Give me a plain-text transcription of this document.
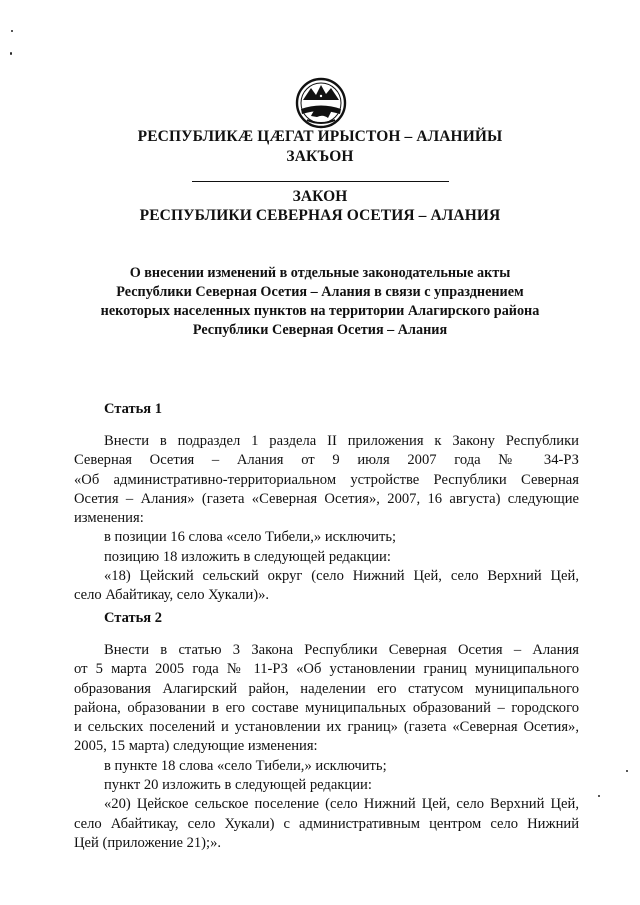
РЕСПУБЛИКӔ ЦӔГАТ ИРЫСТОН – АЛАНИЙЫ
ЗАКЪОН
ЗАКОН
РЕСПУБЛИКИ СЕВЕРНАЯ ОСЕТИЯ – АЛАНИЯ
О внесении изменений в отдельные законодательные акты
Республики Северная Осетия – Алания в связи с упразднением
некоторых населенных пунктов на территории Алагирского района
Республики Северная Осетия – Алания
Статья 1
Внести в подраздел 1 раздела II приложения к Закону Республики
Северная Осетия – Алания от 9 июля 2007 года № 34-РЗ
«Об административно-территориальном устройстве Республики Северная
Осетия – Алания» (газета «Северная Осетия», 2007, 16 августа) следующие
изменения:
в позиции 16 слова «село Тибели,» исключить;
позицию 18 изложить в следующей редакции:
«18) Цейский сельский округ (село Нижний Цей, село Верхний Цей,
село Абайтикау, село Хукали)».
Статья 2
Внести в статью 3 Закона Республики Северная Осетия – Алания
от 5 марта 2005 года № 11-РЗ «Об установлении границ муниципального
образования Алагирский район, наделении его статусом муниципального
района, образовании в его составе муниципальных образований – городского
и сельских поселений и установлении их границ» (газета «Северная Осетия»,
2005, 15 марта) следующие изменения:
в пункте 18 слова «село Тибели,» исключить;
пункт 20 изложить в следующей редакции:
«20) Цейское сельское поселение (село Нижний Цей, село Верхний Цей,
село Абайтикау, село Хукали) с административным центром село Нижний
Цей (приложение 21);».
